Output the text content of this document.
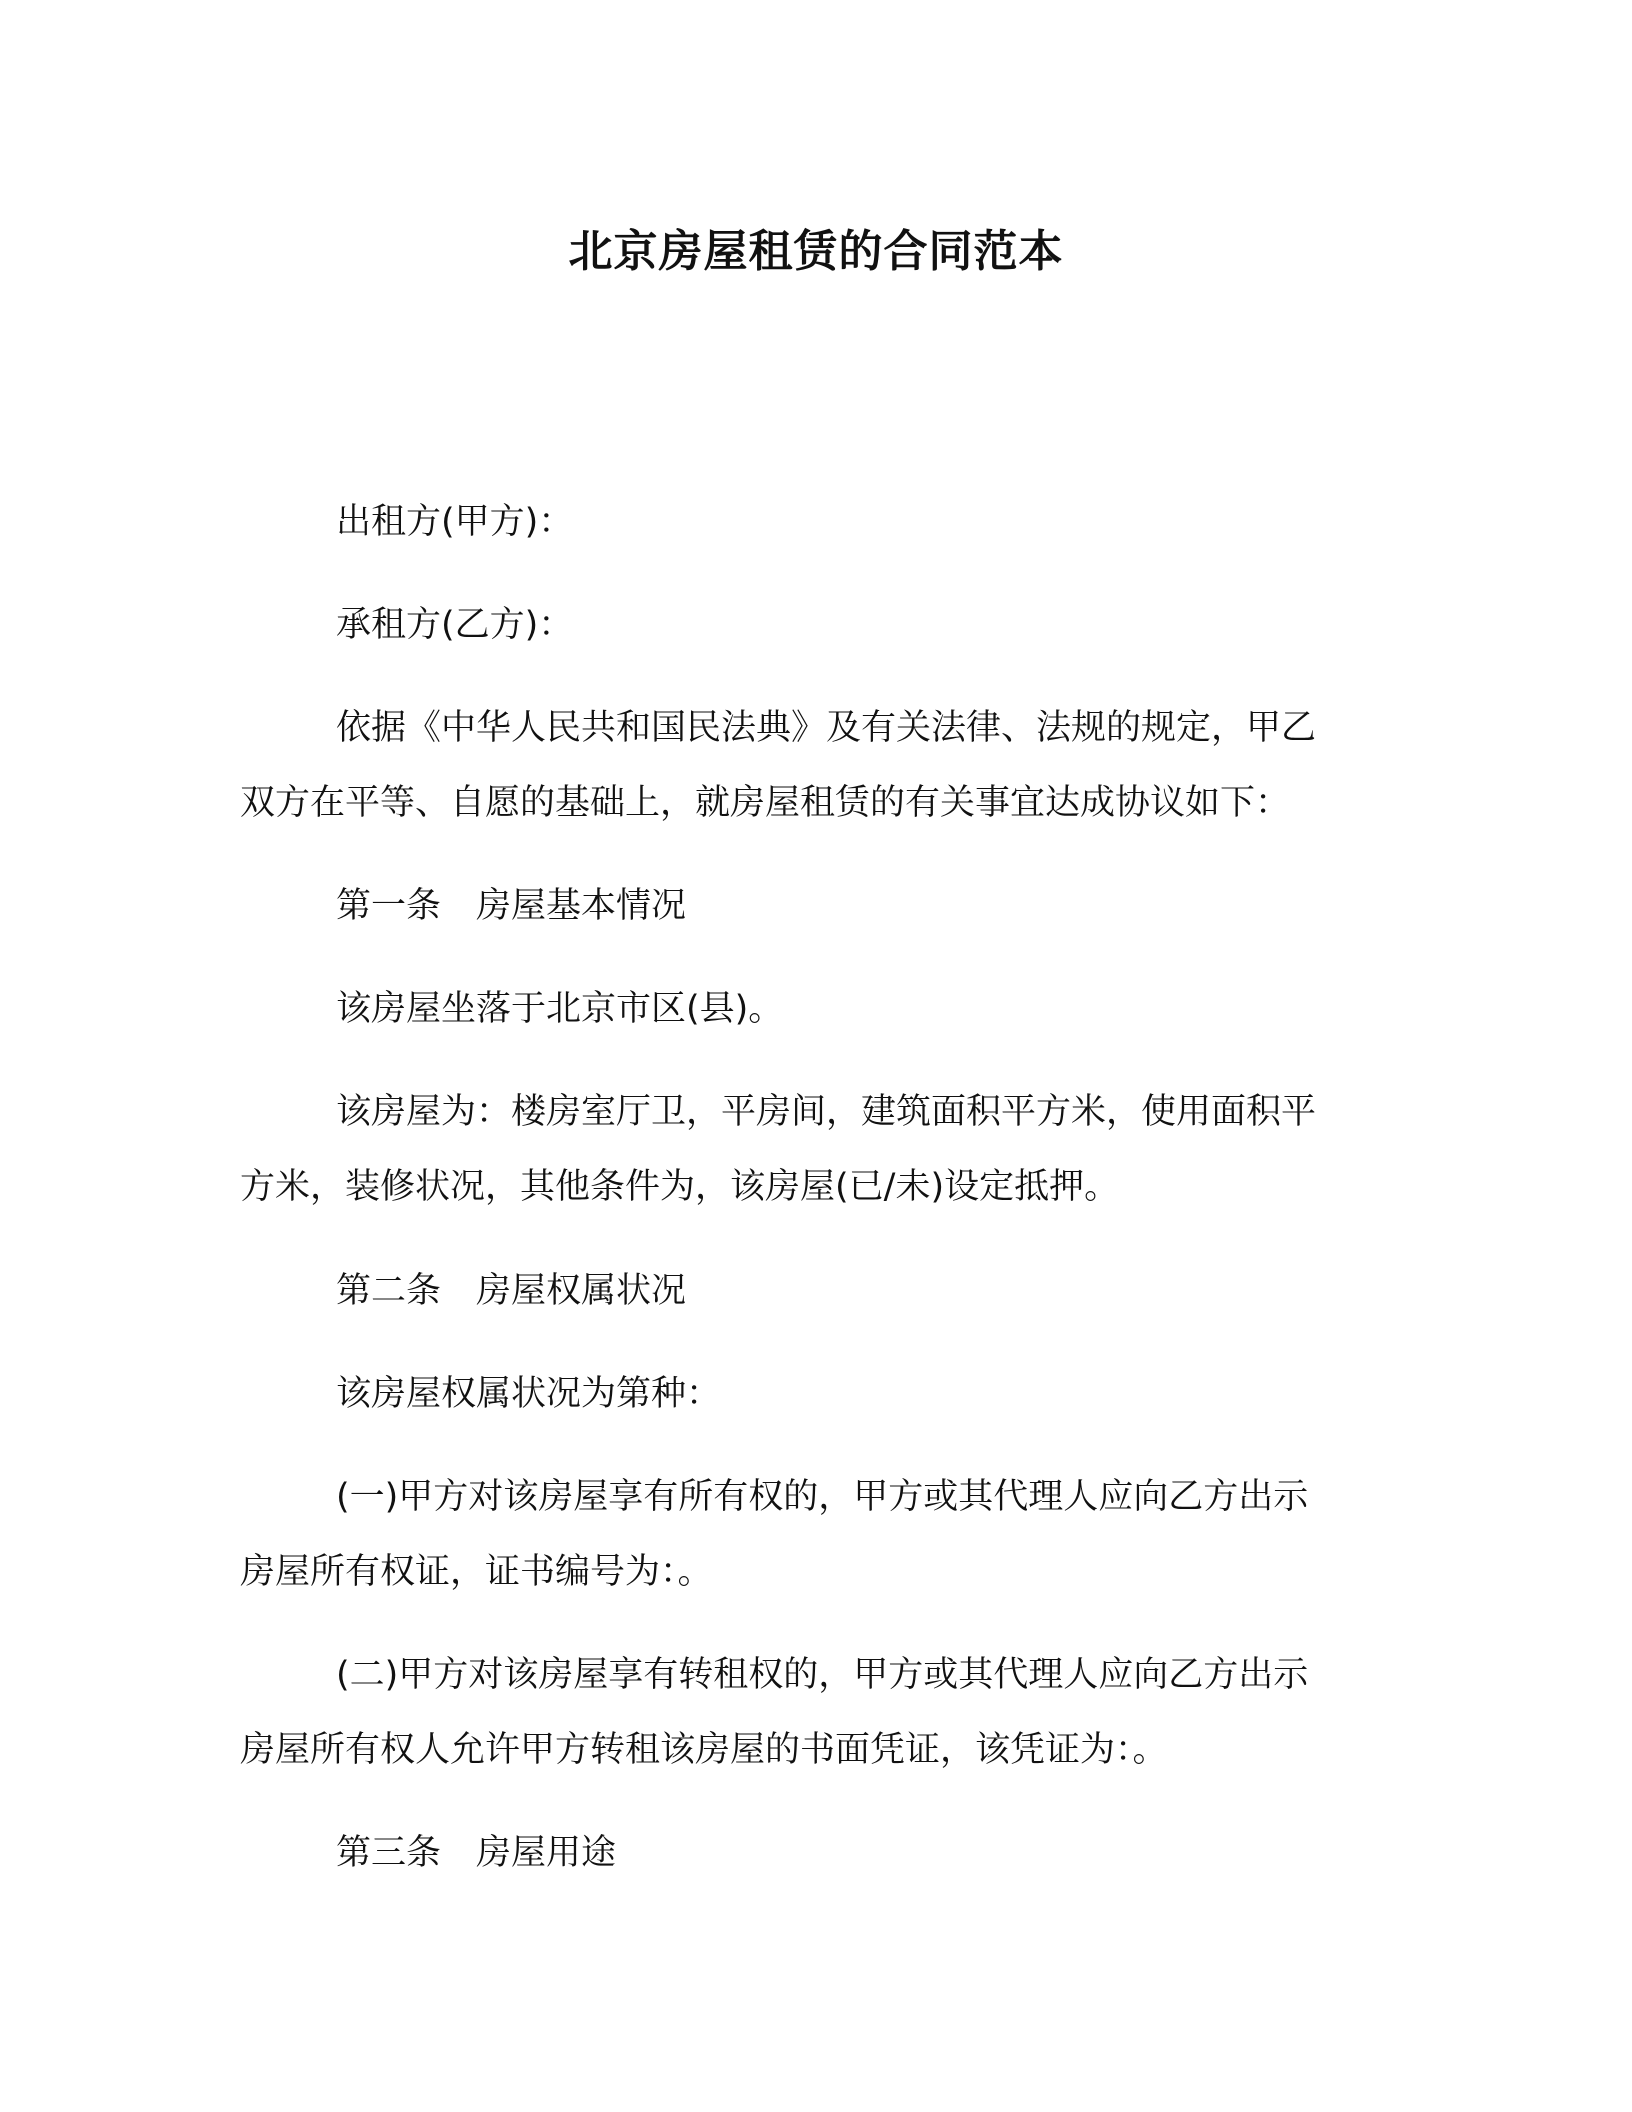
北京房屋租赁的合同范本
出租方(甲方)：
承租方(乙方)：
依据《中华人民共和国民法典》及有关法律、法规的规定，甲乙
双方在平等、自愿的基础上，就房屋租赁的有关事宜达成协议如下：
第一条　房屋基本情况
该房屋坐落于北京市区(县)。
该房屋为：楼房室厅卫，平房间，建筑面积平方米，使用面积平
方米，装修状况，其他条件为，该房屋(已/未)设定抵押。
第二条　房屋权属状况
该房屋权属状况为第种：
(一)甲方对该房屋享有所有权的，甲方或其代理人应向乙方出示
房屋所有权证，证书编号为：。
(二)甲方对该房屋享有转租权的，甲方或其代理人应向乙方出示
房屋所有权人允许甲方转租该房屋的书面凭证，该凭证为：。
第三条　房屋用途
